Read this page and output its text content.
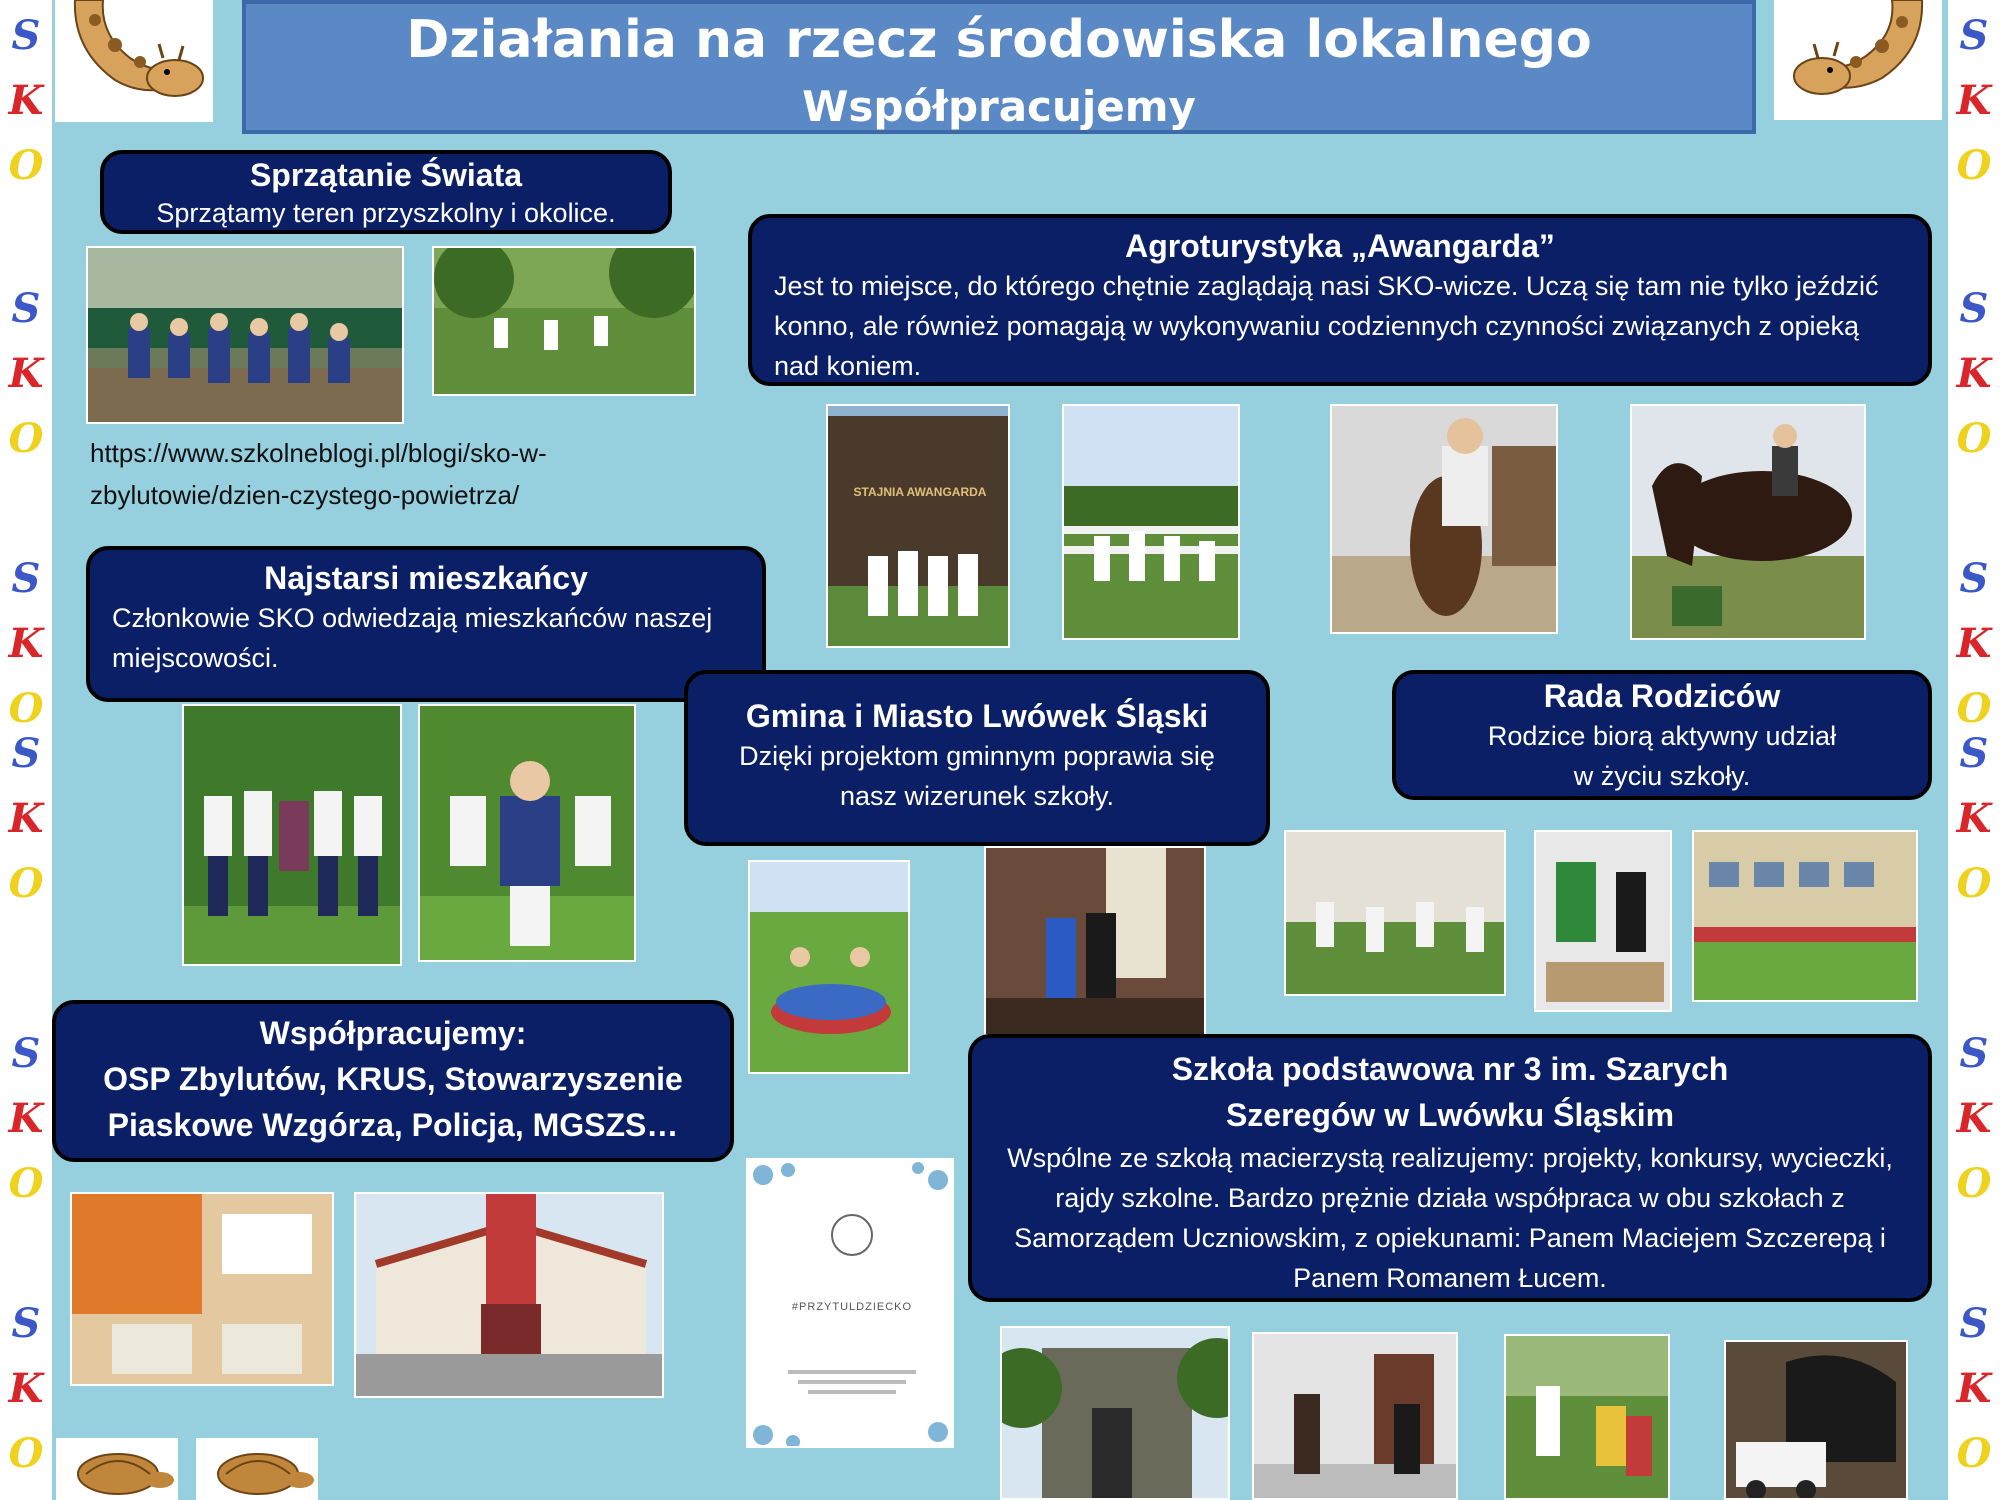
S
K
O
S
K
O
S
K
O
S
K
O
S
K
O
S
K
O
S
K
O
S
K
O
S
K
O
S
K
O
S
K
O
S
K
O
Działania na rzecz środowiska lokalnego
Współpracujemy
Sprzątanie Świata
Sprzątamy teren przyszkolny i okolice.
https://www.szkolneblogi.pl/blogi/sko-w-zbylutowie/dzien-czystego-powietrza/
Agroturystyka „Awangarda”
Jest to miejsce, do którego chętnie zaglądają nasi SKO-wicze. Uczą się tam nie tylko jeździć konno, ale również pomagają w wykonywaniu codziennych czynności związanych z opieką nad koniem.
STAJNIA AWANGARDA
Najstarsi mieszkańcy
Członkowie SKO odwiedzają mieszkańców naszej miejscowości.
Gmina i Miasto Lwówek Śląski
Dzięki projektom gminnym poprawia się nasz wizerunek szkoły.
Rada Rodziców
Rodzice biorą aktywny udział w życiu szkoły.
Współpracujemy:
OSP Zbylutów, KRUS, Stowarzyszenie Piaskowe Wzgórza, Policja, MGSZS…
#PRZYTULDZIECKO
Szkoła podstawowa nr 3 im. Szarych Szeregów w Lwówku Śląskim
Wspólne ze szkołą macierzystą realizujemy: projekty, konkursy, wycieczki, rajdy szkolne. Bardzo prężnie działa współpraca w obu szkołach z Samorządem Uczniowskim, z opiekunami: Panem Maciejem Szczerepą i Panem Romanem Łucem.
